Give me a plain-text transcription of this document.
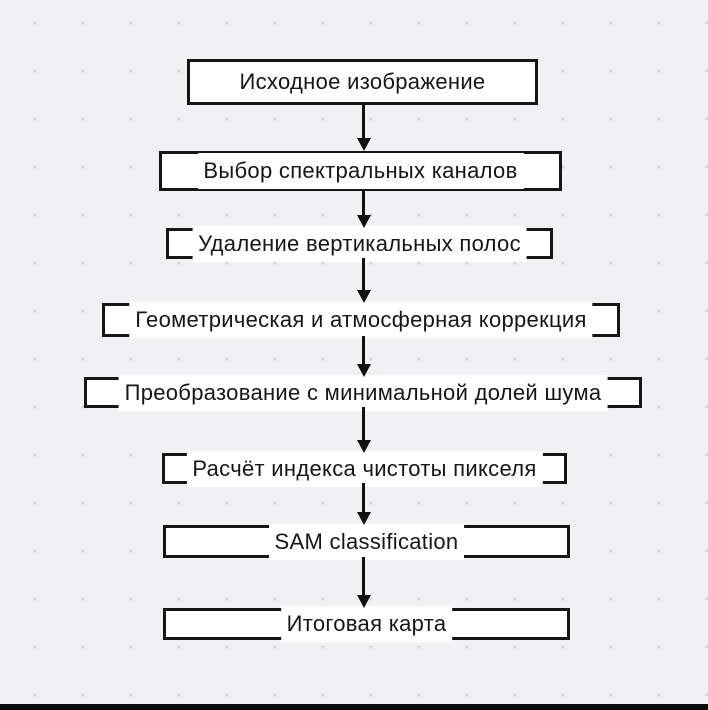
Исходное изображение
Выбор спектральных каналов
Удаление вертикальных полос
Геометрическая и атмосферная коррекция
Преобразование с минимальной долей шума
Расчёт индекса чистоты пикселя
SAM classification
Итоговая карта
